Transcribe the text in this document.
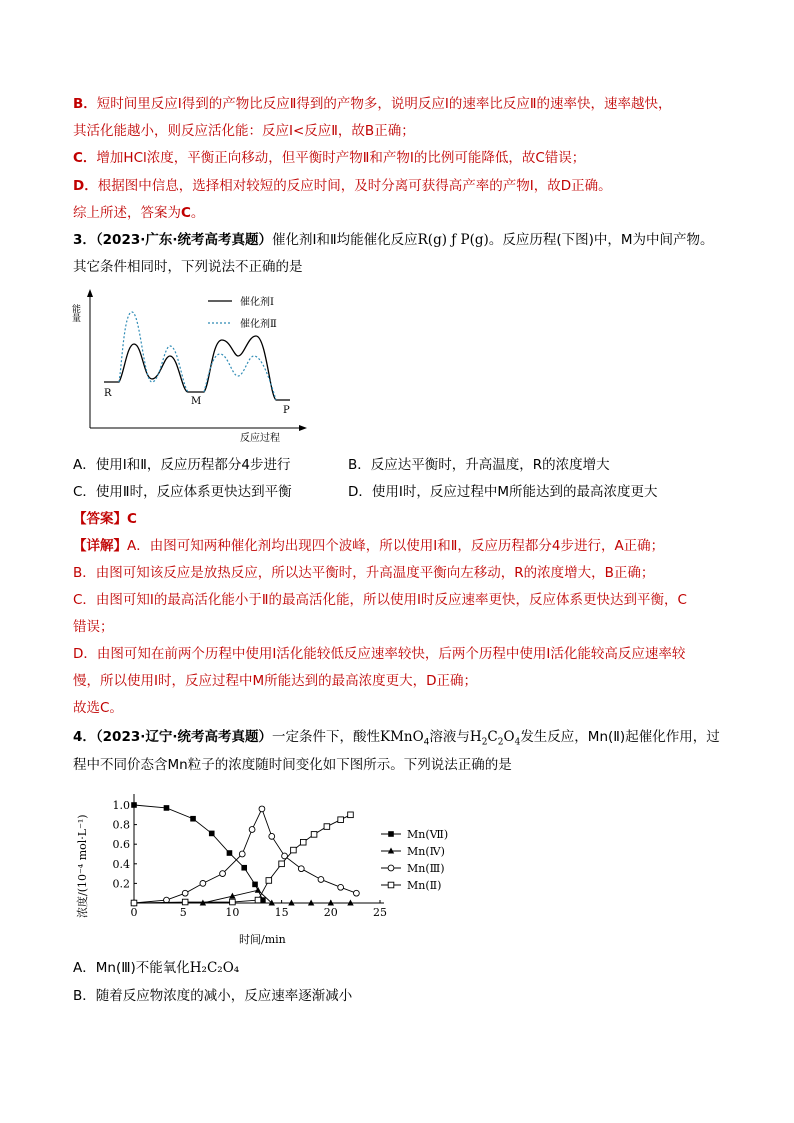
B．短时间里反应Ⅰ得到的产物比反应Ⅱ得到的产物多，说明反应Ⅰ的速率比反应Ⅱ的速率快，速率越快，
其活化能越小，则反应活化能：反应Ⅰ<反应Ⅱ，故B正确；
C．增加HCl浓度，平衡正向移动，但平衡时产物Ⅱ和产物Ⅰ的比例可能降低，故C错误；
D．根据图中信息，选择相对较短的反应时间，及时分离可获得高产率的产物Ⅰ，故D正确。
综上所述，答案为C。
3．（2023·广东·统考高考真题）催化剂Ⅰ和Ⅱ均能催化反应R(g) ƒ P(g)。反应历程(下图)中，M为中间产物。
其它条件相同时，下列说法不正确的是
能量
反应过程
催化剂Ⅰ
催化剂Ⅱ
R
M
P
A．使用Ⅰ和Ⅱ，反应历程都分4步进行	B．反应达平衡时，升高温度，R的浓度增大
C．使用Ⅱ时，反应体系更快达到平衡	D．使用Ⅰ时，反应过程中M所能达到的最高浓度更大
【答案】C
【详解】A．由图可知两种催化剂均出现四个波峰，所以使用Ⅰ和Ⅱ，反应历程都分4步进行，A正确；
B．由图可知该反应是放热反应，所以达平衡时，升高温度平衡向左移动，R的浓度增大，B正确；
C．由图可知Ⅰ的最高活化能小于Ⅱ的最高活化能，所以使用Ⅰ时反应速率更快，反应体系更快达到平衡，C
错误；
D．由图可知在前两个历程中使用Ⅰ活化能较低反应速率较快，后两个历程中使用Ⅰ活化能较高反应速率较
慢，所以使用Ⅰ时，反应过程中M所能达到的最高浓度更大，D正确；
故选C。
4．（2023·辽宁·统考高考真题）一定条件下，酸性KMnO$_4$溶液与$H_2C_2O_4$发生反应，Mn(Ⅱ)起催化作用，过
程中不同价态含Mn粒子的浓度随时间变化如下图所示。下列说法正确的是
0	5	10	15	20	25
0.2
0.4
0.6
0.8
1.0
Mn(Ⅶ)
Mn(Ⅳ)
Mn(Ⅲ)
Mn(Ⅱ)
时间/min
浓度/(10⁻⁴ mol·L⁻¹)
A．Mn(Ⅲ)不能氧化H₂C₂O₄
B．随着反应物浓度的减小，反应速率逐渐减小
